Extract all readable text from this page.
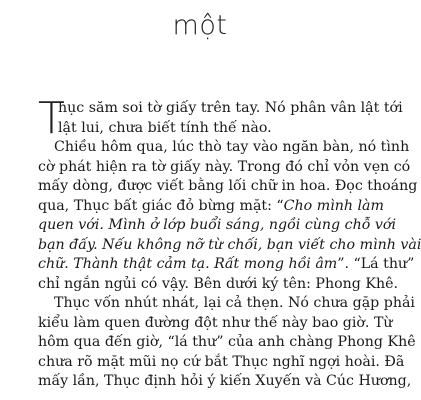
một
T
hục săm soi tờ giấy trên tay. Nó phân vân lật tới
lật lui, chưa biết tính thế nào.
Chiều hôm qua, lúc thò tay vào ngăn bàn, nó tình
cờ phát hiện ra tờ giấy này. Trong đó chỉ vỏn vẹn có
mấy dòng, được viết bằng lối chữ in hoa. Đọc thoáng
qua, Thục bất giác đỏ bừng mặt: “Cho mình làm
quen với. Mình ở lớp buổi sáng, ngồi cùng chỗ với
bạn đấy. Nếu không nỡ từ chối, bạn viết cho mình vài
chữ. Thành thật cảm tạ. Rất mong hồi âm”. “Lá thư”
chỉ ngắn ngủi có vậy. Bên dưới ký tên: Phong Khê.
Thục vốn nhút nhát, lại cả thẹn. Nó chưa gặp phải
kiểu làm quen đường đột như thế này bao giờ. Từ
hôm qua đến giờ, “lá thư” của anh chàng Phong Khê
chưa rõ mặt mũi nọ cứ bắt Thục nghĩ ngợi hoài. Đã
mấy lần, Thục định hỏi ý kiến Xuyến và Cúc Hương,
